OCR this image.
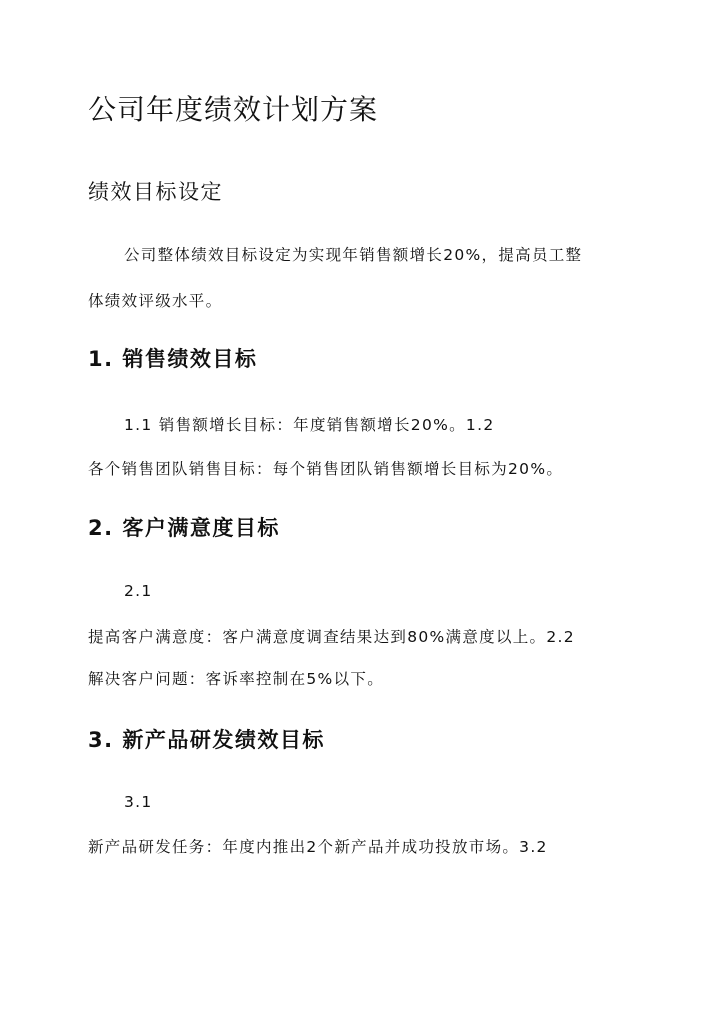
公司年度绩效计划方案
绩效目标设定
公司整体绩效目标设定为实现年销售额增长20%，提高员工整
体绩效评级水平。
1. 销售绩效目标
1.1 销售额增长目标：年度销售额增长20%。1.2
各个销售团队销售目标：每个销售团队销售额增长目标为20%。
2. 客户满意度目标
2.1
提高客户满意度：客户满意度调查结果达到80%满意度以上。2.2
解决客户问题：客诉率控制在5%以下。
3. 新产品研发绩效目标
3.1
新产品研发任务：年度内推出2个新产品并成功投放市场。3.2
